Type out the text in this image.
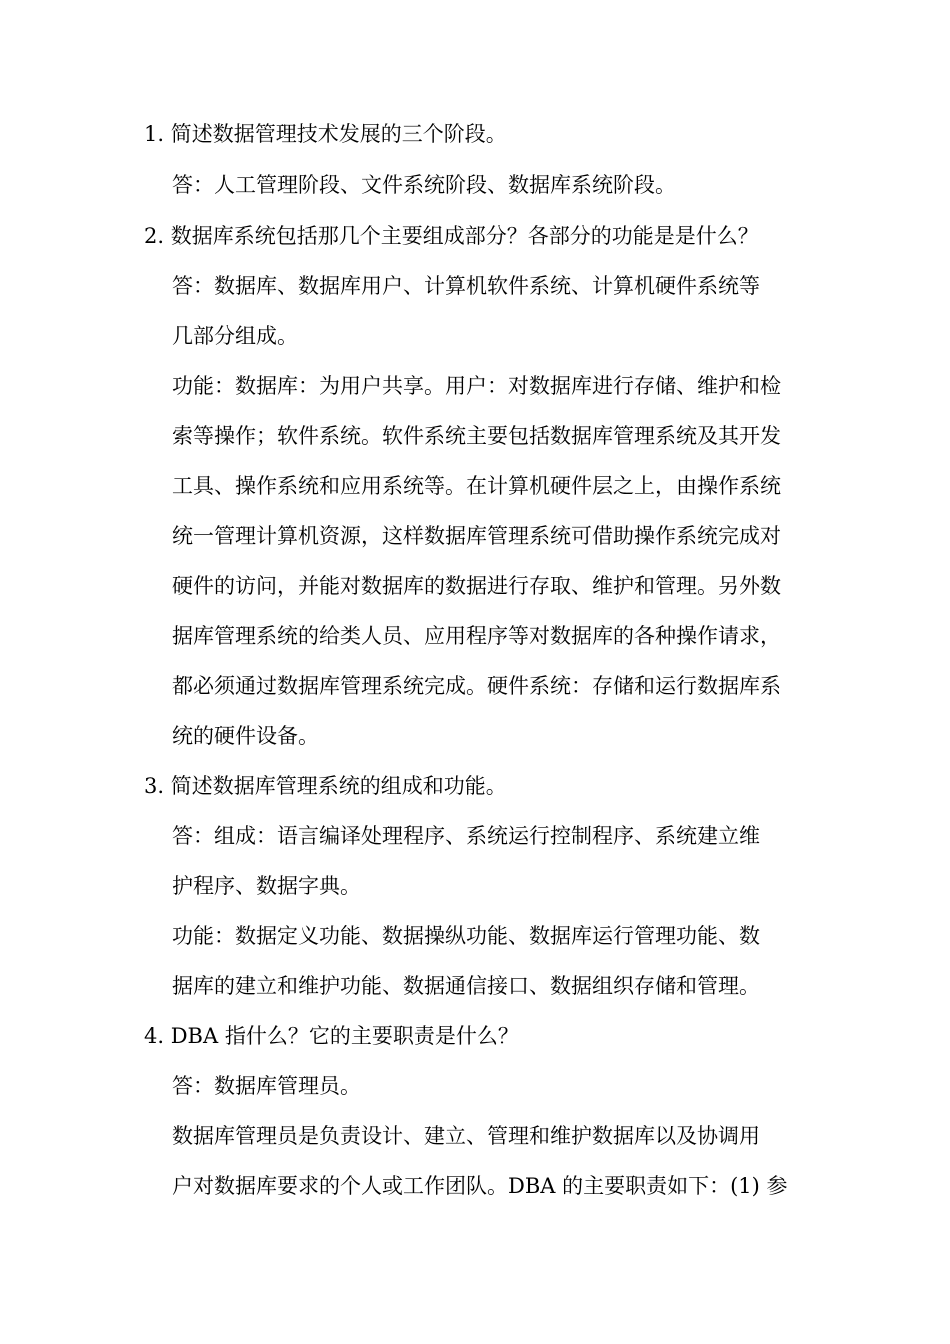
1. 简述数据管理技术发展的三个阶段。
答：人工管理阶段、文件系统阶段、数据库系统阶段。
2. 数据库系统包括那几个主要组成部分？各部分的功能是是什么？
答：数据库、数据库用户、计算机软件系统、计算机硬件系统等
几部分组成。
功能：数据库：为用户共享。用户：对数据库进行存储、维护和检
索等操作；软件系统。软件系统主要包括数据库管理系统及其开发
工具、操作系统和应用系统等。在计算机硬件层之上，由操作系统
统一管理计算机资源，这样数据库管理系统可借助操作系统完成对
硬件的访问，并能对数据库的数据进行存取、维护和管理。另外数
据库管理系统的给类人员、应用程序等对数据库的各种操作请求，
都必须通过数据库管理系统完成。硬件系统：存储和运行数据库系
统的硬件设备。
3. 简述数据库管理系统的组成和功能。
答：组成：语言编译处理程序、系统运行控制程序、系统建立维
护程序、数据字典。
功能：数据定义功能、数据操纵功能、数据库运行管理功能、数
据库的建立和维护功能、数据通信接口、数据组织存储和管理。
4. DBA 指什么？它的主要职责是什么？
答：数据库管理员。
数据库管理员是负责设计、建立、管理和维护数据库以及协调用
户对数据库要求的个人或工作团队。DBA 的主要职责如下：(1) 参
